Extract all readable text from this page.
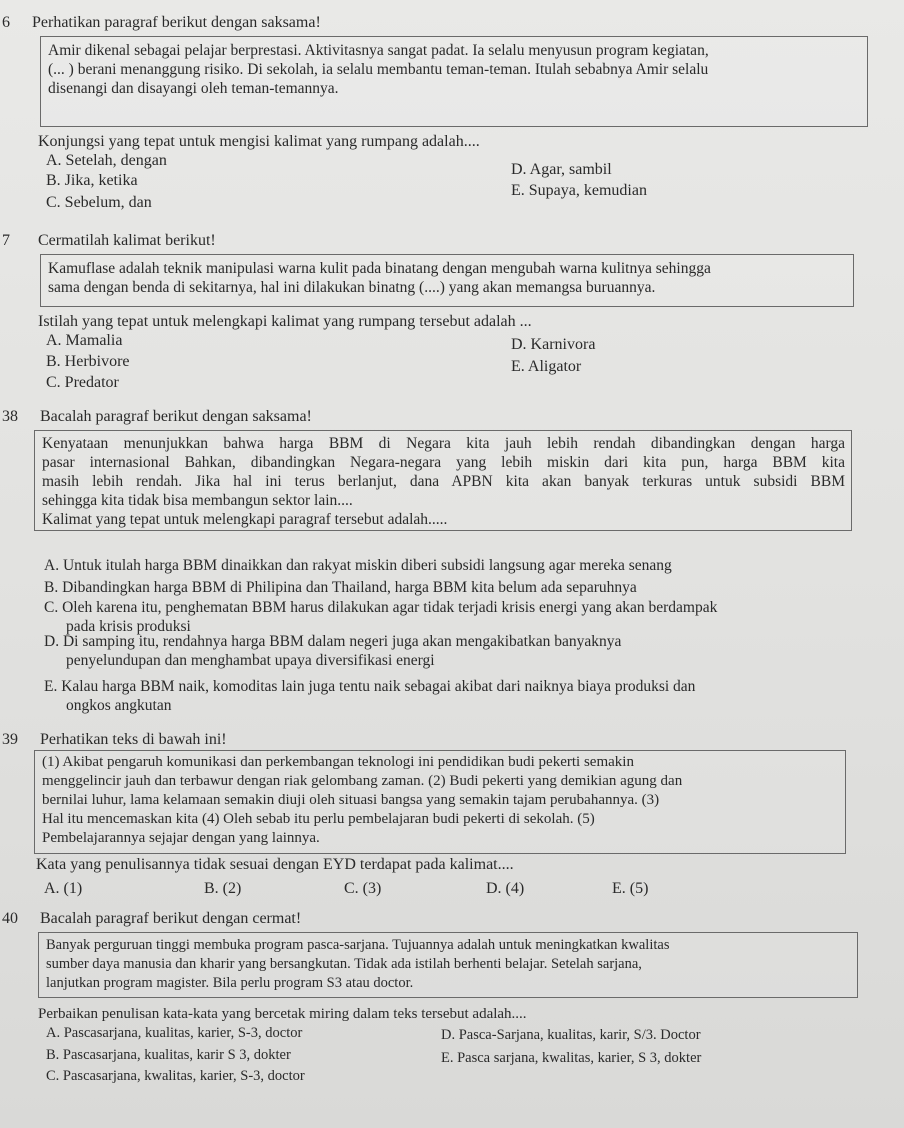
6 Perhatikan paragraf berikut dengan saksama!

Amir dikenal sebagai pelajar berprestasi. Aktivitasnya sangat padat. Ia selalu menyusun program kegiatan,

(... ) berani menanggung risiko. Di sekolah, ia selalu membantu teman-teman. Itulah sebabnya Amir selalu

disenangi dan disayangi oleh teman-temannya.

Konjungsi yang tepat untuk mengisi kalimat yang rumpang adalah....
A. Setelah, dengan
B. Jika, ketika
C. Sebelum, dan
D. Agar, sambil
E. Supaya, kemudian
7 Cermatilah kalimat berikut!

Kamuflase adalah teknik manipulasi warna kulit pada binatang dengan mengubah warna kulitnya sehingga

sama dengan benda di sekitarnya, hal ini dilakukan binatng (....) yang akan memangsa buruannya.

Istilah yang tepat untuk melengkapi kalimat yang rumpang tersebut adalah ...
A. Mamalia
B. Herbivore
C. Predator
D. Karnivora
E. Aligator
38 Bacalah paragraf berikut dengan saksama!

Kenyataan menunjukkan bahwa harga BBM di Negara kita jauh lebih rendah dibandingkan dengan harga

pasar internasional Bahkan, dibandingkan Negara-negara yang lebih miskin dari kita pun, harga BBM kita

masih lebih rendah. Jika hal ini terus berlanjut, dana APBN kita akan banyak terkuras untuk subsidi BBM

sehingga kita tidak bisa membangun sektor lain....

Kalimat yang tepat untuk melengkapi paragraf tersebut adalah.....

A. Untuk itulah harga BBM dinaikkan dan rakyat miskin diberi subsidi langsung agar mereka senang
B. Dibandingkan harga BBM di Philipina dan Thailand, harga BBM kita belum ada separuhnya
C. Oleh karena itu, penghematan BBM harus dilakukan agar tidak terjadi krisis energi yang akan berdampak
pada krisis produksi
D. Di samping itu, rendahnya harga BBM dalam negeri juga akan mengakibatkan banyaknya
penyelundupan dan menghambat upaya diversifikasi energi
E. Kalau harga BBM naik, komoditas lain juga tentu naik sebagai akibat dari naiknya biaya produksi dan
ongkos angkutan
39 Perhatikan teks di bawah ini!

(1) Akibat pengaruh komunikasi dan perkembangan teknologi ini pendidikan budi pekerti semakin

menggelincir jauh dan terbawur dengan riak gelombang zaman. (2) Budi pekerti yang demikian agung dan

bernilai luhur, lama kelamaan semakin diuji oleh situasi bangsa yang semakin tajam perubahannya. (3)

Hal itu mencemaskan kita (4) Oleh sebab itu perlu pembelajaran budi pekerti di sekolah. (5)

Pembelajarannya sejajar dengan yang lainnya.

Kata yang penulisannya tidak sesuai dengan EYD terdapat pada kalimat....
A. (1)	B. (2)	C. (3)	D. (4)	E. (5)
40 Bacalah paragraf berikut dengan cermat!

Banyak perguruan tinggi membuka program pasca-sarjana. Tujuannya adalah untuk meningkatkan kwalitas

sumber daya manusia dan kharir yang bersangkutan. Tidak ada istilah berhenti belajar. Setelah sarjana,

lanjutkan program magister. Bila perlu program S3 atau doctor.

Perbaikan penulisan kata-kata yang bercetak miring dalam teks tersebut adalah....
A. Pascasarjana, kualitas, karier, S-3, doctor
B. Pascasarjana, kualitas, karir S 3, dokter
C. Pascasarjana, kwalitas, karier, S-3, doctor
D. Pasca-Sarjana, kualitas, karir, S/3. Doctor
E. Pasca sarjana, kwalitas, karier, S 3, dokter
